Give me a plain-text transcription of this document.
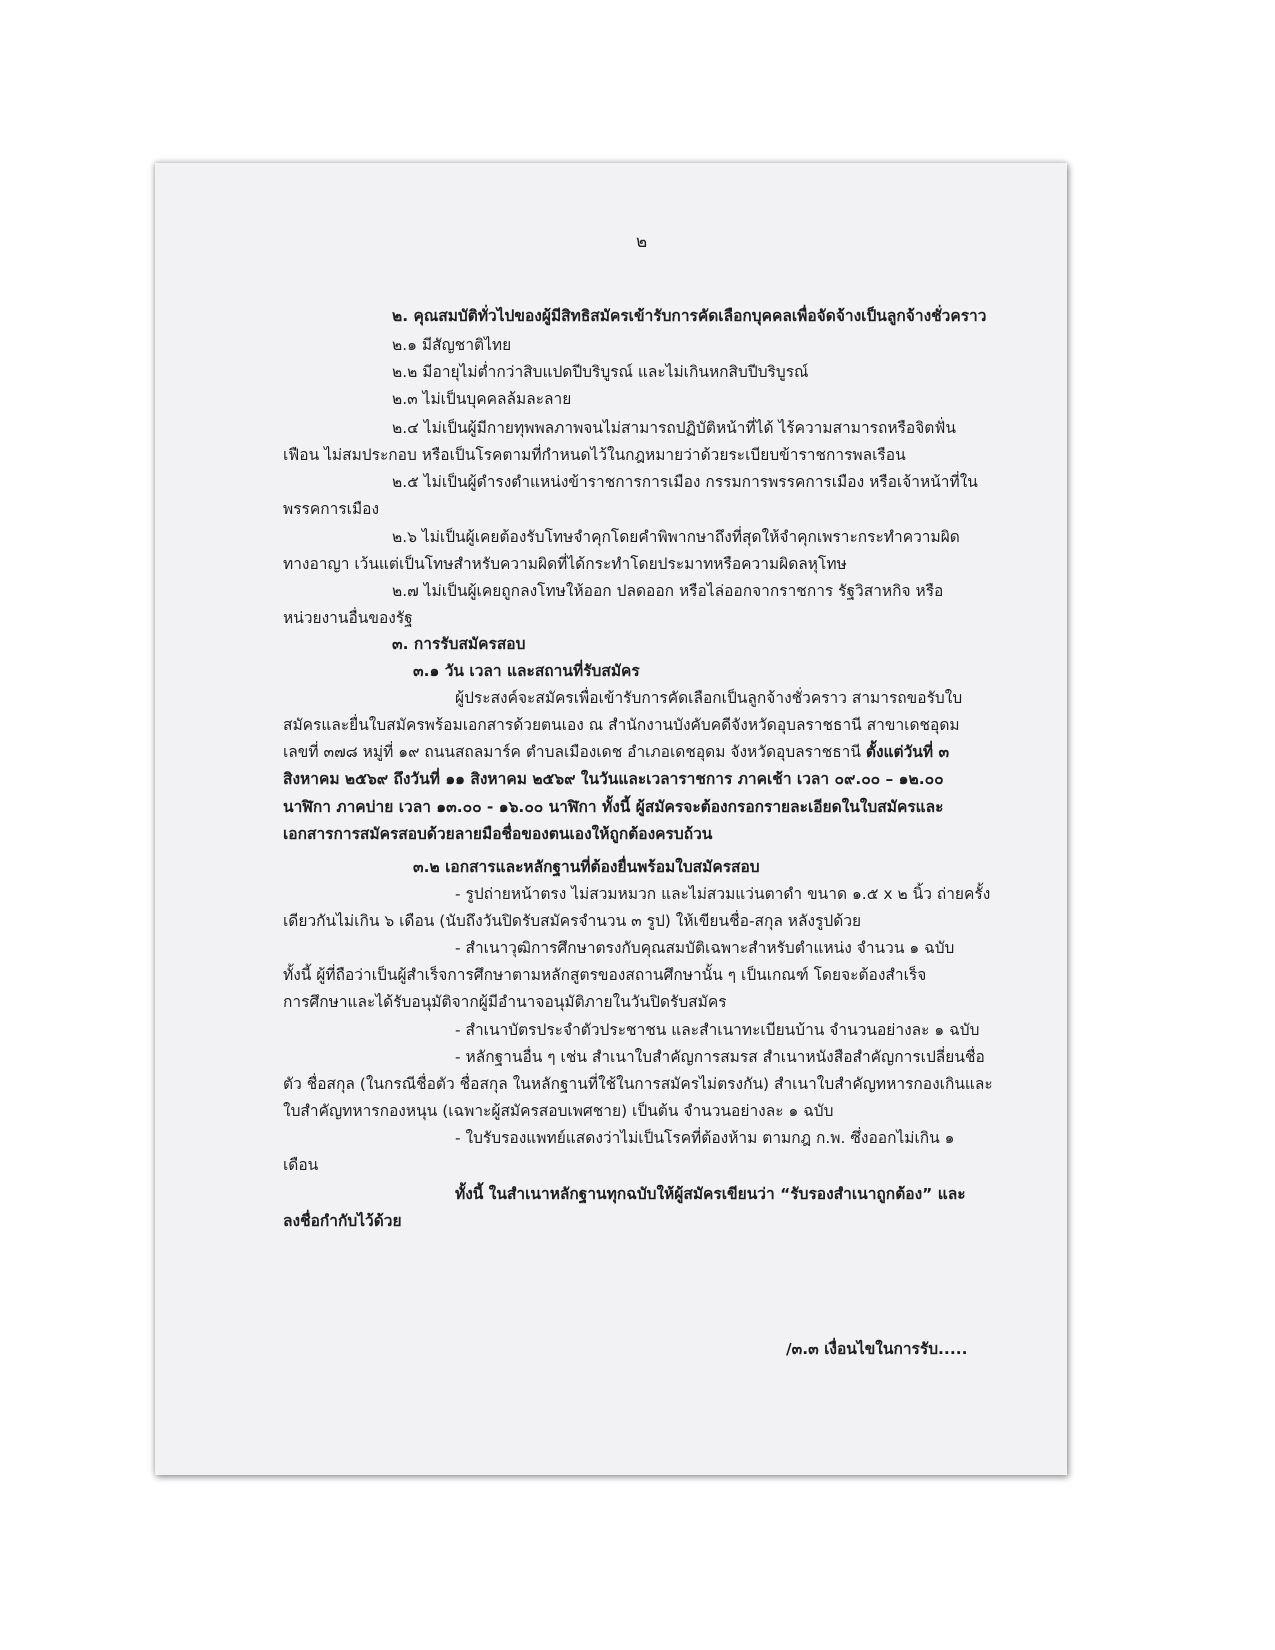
๒
๒. คุณสมบัติทั่วไปของผู้มีสิทธิสมัครเข้ารับการคัดเลือกบุคคลเพื่อจัดจ้างเป็นลูกจ้างชั่วคราว
๒.๑ มีสัญชาติไทย
๒.๒ มีอายุไม่ต่ำกว่าสิบแปดปีบริบูรณ์ และไม่เกินหกสิบปีบริบูรณ์
๒.๓ ไม่เป็นบุคคลล้มละลาย
๒.๔ ไม่เป็นผู้มีกายทุพพลภาพจนไม่สามารถปฏิบัติหน้าที่ได้ ไร้ความสามารถหรือจิตฟั่น
เฟือน ไม่สมประกอบ หรือเป็นโรคตามที่กำหนดไว้ในกฎหมายว่าด้วยระเบียบข้าราชการพลเรือน
๒.๕ ไม่เป็นผู้ดำรงตำแหน่งข้าราชการการเมือง กรรมการพรรคการเมือง หรือเจ้าหน้าที่ใน
พรรคการเมือง
๒.๖ ไม่เป็นผู้เคยต้องรับโทษจำคุกโดยคำพิพากษาถึงที่สุดให้จำคุกเพราะกระทำความผิด
ทางอาญา เว้นแต่เป็นโทษสำหรับความผิดที่ได้กระทำโดยประมาทหรือความผิดลหุโทษ
๒.๗ ไม่เป็นผู้เคยถูกลงโทษให้ออก ปลดออก หรือไล่ออกจากราชการ รัฐวิสาหกิจ หรือ
หน่วยงานอื่นของรัฐ
๓. การรับสมัครสอบ
๓.๑ วัน เวลา และสถานที่รับสมัคร
ผู้ประสงค์จะสมัครเพื่อเข้ารับการคัดเลือกเป็นลูกจ้างชั่วคราว สามารถขอรับใบ
สมัครและยื่นใบสมัครพร้อมเอกสารด้วยตนเอง ณ สำนักงานบังคับคดีจังหวัดอุบลราชธานี สาขาเดชอุดม
เลขที่ ๓๗๘ หมู่ที่ ๑๙ ถนนสถลมาร์ค ตำบลเมืองเดช อำเภอเดชอุดม จังหวัดอุบลราชธานี ตั้งแต่วันที่ ๓
สิงหาคม ๒๕๖๙ ถึงวันที่ ๑๑ สิงหาคม ๒๕๖๙ ในวันและเวลาราชการ ภาคเช้า เวลา ๐๙.๐๐ – ๑๒.๐๐
นาฬิกา ภาคบ่าย เวลา ๑๓.๐๐ - ๑๖.๐๐ นาฬิกา ทั้งนี้ ผู้สมัครจะต้องกรอกรายละเอียดในใบสมัครและ
เอกสารการสมัครสอบด้วยลายมือชื่อของตนเองให้ถูกต้องครบถ้วน
๓.๒ เอกสารและหลักฐานที่ต้องยื่นพร้อมใบสมัครสอบ
- รูปถ่ายหน้าตรง ไม่สวมหมวก และไม่สวมแว่นตาดำ ขนาด ๑.๕ x ๒ นิ้ว ถ่ายครั้ง
เดียวกันไม่เกิน ๖ เดือน (นับถึงวันปิดรับสมัครจำนวน ๓ รูป) ให้เขียนชื่อ-สกุล หลังรูปด้วย
- สำเนาวุฒิการศึกษาตรงกับคุณสมบัติเฉพาะสำหรับตำแหน่ง จำนวน ๑ ฉบับ
ทั้งนี้ ผู้ที่ถือว่าเป็นผู้สำเร็จการศึกษาตามหลักสูตรของสถานศึกษานั้น ๆ เป็นเกณฑ์ โดยจะต้องสำเร็จ
การศึกษาและได้รับอนุมัติจากผู้มีอำนาจอนุมัติภายในวันปิดรับสมัคร
- สำเนาบัตรประจำตัวประชาชน และสำเนาทะเบียนบ้าน จำนวนอย่างละ ๑ ฉบับ
- หลักฐานอื่น ๆ เช่น สำเนาใบสำคัญการสมรส สำเนาหนังสือสำคัญการเปลี่ยนชื่อ
ตัว ชื่อสกุล (ในกรณีชื่อตัว ชื่อสกุล ในหลักฐานที่ใช้ในการสมัครไม่ตรงกัน) สำเนาใบสำคัญทหารกองเกินและ
ใบสำคัญทหารกองหนุน (เฉพาะผู้สมัครสอบเพศชาย) เป็นต้น จำนวนอย่างละ ๑ ฉบับ
- ใบรับรองแพทย์แสดงว่าไม่เป็นโรคที่ต้องห้าม ตามกฎ ก.พ. ซึ่งออกไม่เกิน ๑
เดือน
ทั้งนี้ ในสำเนาหลักฐานทุกฉบับให้ผู้สมัครเขียนว่า “รับรองสำเนาถูกต้อง” และ
ลงชื่อกำกับไว้ด้วย
/๓.๓ เงื่อนไขในการรับ.....
